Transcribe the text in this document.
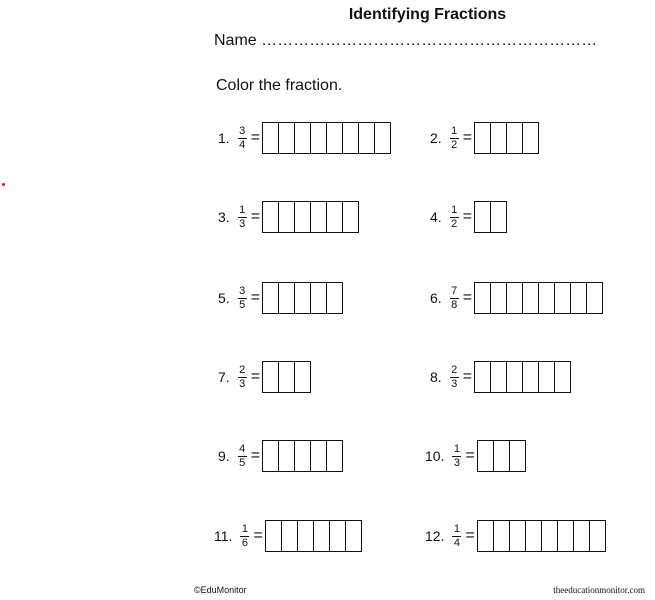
Identifying Fractions
Name ………………………………………………………
Color the fraction.
1. $\frac{3}{4}$ =	2. $\frac{1}{2}$ =
3. $\frac{1}{3}$ =	4. $\frac{1}{2}$ =
5. $\frac{3}{5}$ =	6. $\frac{7}{8}$ =
7. $\frac{2}{3}$ =	8. $\frac{2}{3}$ =
9. $\frac{4}{5}$ =	10. $\frac{1}{3}$ =
11. $\frac{1}{6}$ =	12. $\frac{1}{4}$ =
©EduMonitor	theeducationmonitor.com
